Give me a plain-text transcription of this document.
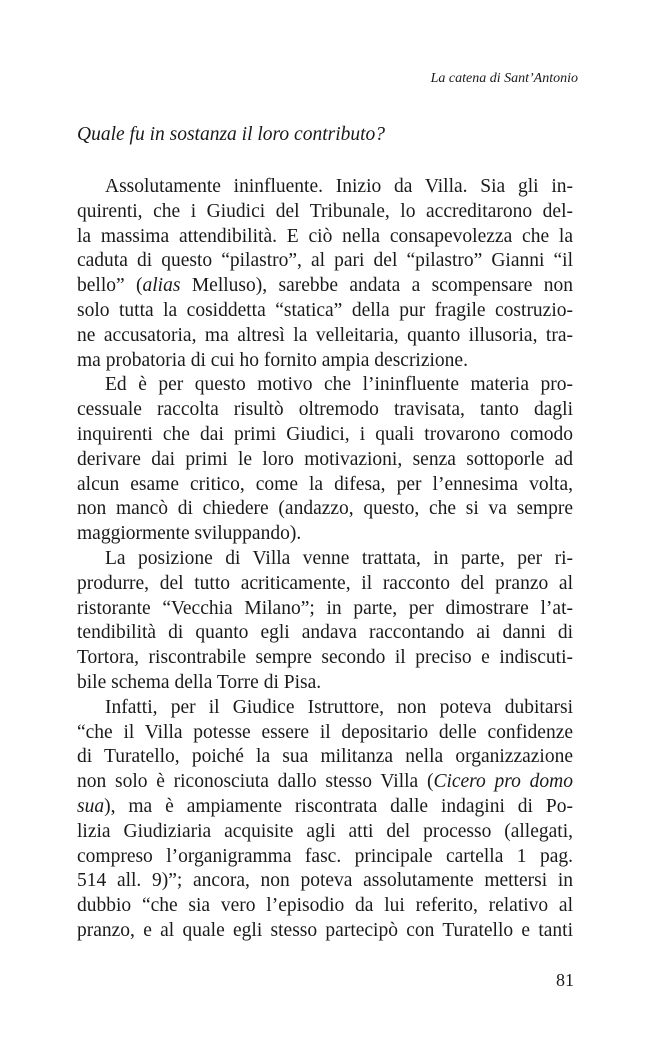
La catena di Sant’Antonio
Quale fu in sostanza il loro contributo?
Assolutamente ininfluente. Inizio da Villa. Sia gli in-
quirenti, che i Giudici del Tribunale, lo accreditarono del-
la massima attendibilità. E ciò nella consapevolezza che la
caduta di questo “pilastro”, al pari del “pilastro” Gianni “il
bello” (alias Melluso), sarebbe andata a scompensare non
solo tutta la cosiddetta “statica” della pur fragile costruzio-
ne accusatoria, ma altresì la velleitaria, quanto illusoria, tra-
ma probatoria di cui ho fornito ampia descrizione.
Ed è per questo motivo che l’ininfluente materia pro-
cessuale raccolta risultò oltremodo travisata, tanto dagli
inquirenti che dai primi Giudici, i quali trovarono comodo
derivare dai primi le loro motivazioni, senza sottoporle ad
alcun esame critico, come la difesa, per l’ennesima volta,
non mancò di chiedere (andazzo, questo, che si va sempre
maggiormente sviluppando).
La posizione di Villa venne trattata, in parte, per ri-
produrre, del tutto acriticamente, il racconto del pranzo al
ristorante “Vecchia Milano”; in parte, per dimostrare l’at-
tendibilità di quanto egli andava raccontando ai danni di
Tortora, riscontrabile sempre secondo il preciso e indiscuti-
bile schema della Torre di Pisa.
Infatti, per il Giudice Istruttore, non poteva dubitarsi
“che il Villa potesse essere il depositario delle confidenze
di Turatello, poiché la sua militanza nella organizzazione
non solo è riconosciuta dallo stesso Villa (Cicero pro domo
sua), ma è ampiamente riscontrata dalle indagini di Po-
lizia Giudiziaria acquisite agli atti del processo (allegati,
compreso l’organigramma fasc. principale cartella 1 pag.
514 all. 9)”; ancora, non poteva assolutamente mettersi in
dubbio “che sia vero l’episodio da lui referito, relativo al
pranzo, e al quale egli stesso partecipò con Turatello e tanti
81
